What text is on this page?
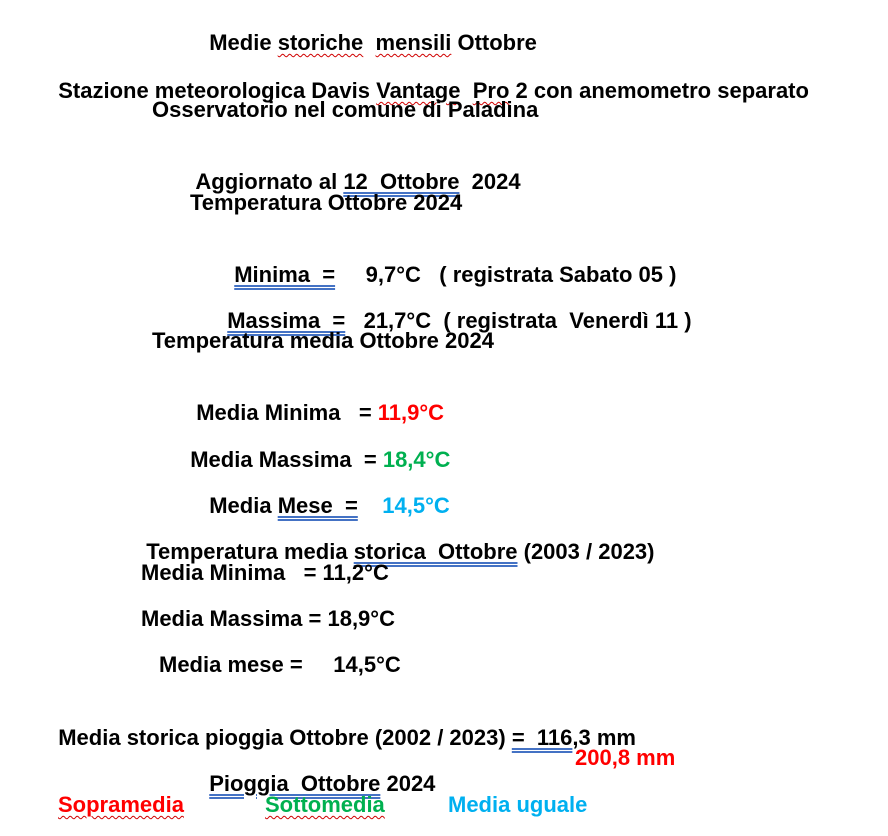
Medie storiche mensili Ottobre

Stazione meteorologica Davis Vantage Pro 2 con anemometro separato

Osservatorio nel comune di Paladina

Aggiornato al 12  Ottobre  2024

Temperatura Ottobre 2024

Minima  =     9,7°C   ( registrata Sabato 05 )

Massima  =   21,7°C  ( registrata  Venerdì 11 )

Temperatura media Ottobre 2024

Media Minima   = 11,9°C

Media Massima  = 18,4°C

Media Mese  = 14,5°C

Temperatura media storica  Ottobre (2003 / 2023)

Media Minima   = 11,2°C
Media Massima = 18,9°C
Media mese =     14,5°C

Media storica pioggia Ottobre (2002 / 2023) =  116,3 mm

Pioggia  Ottobre 2024

200,8 mm
Sopramedia	Sottomedia	Media uguale
